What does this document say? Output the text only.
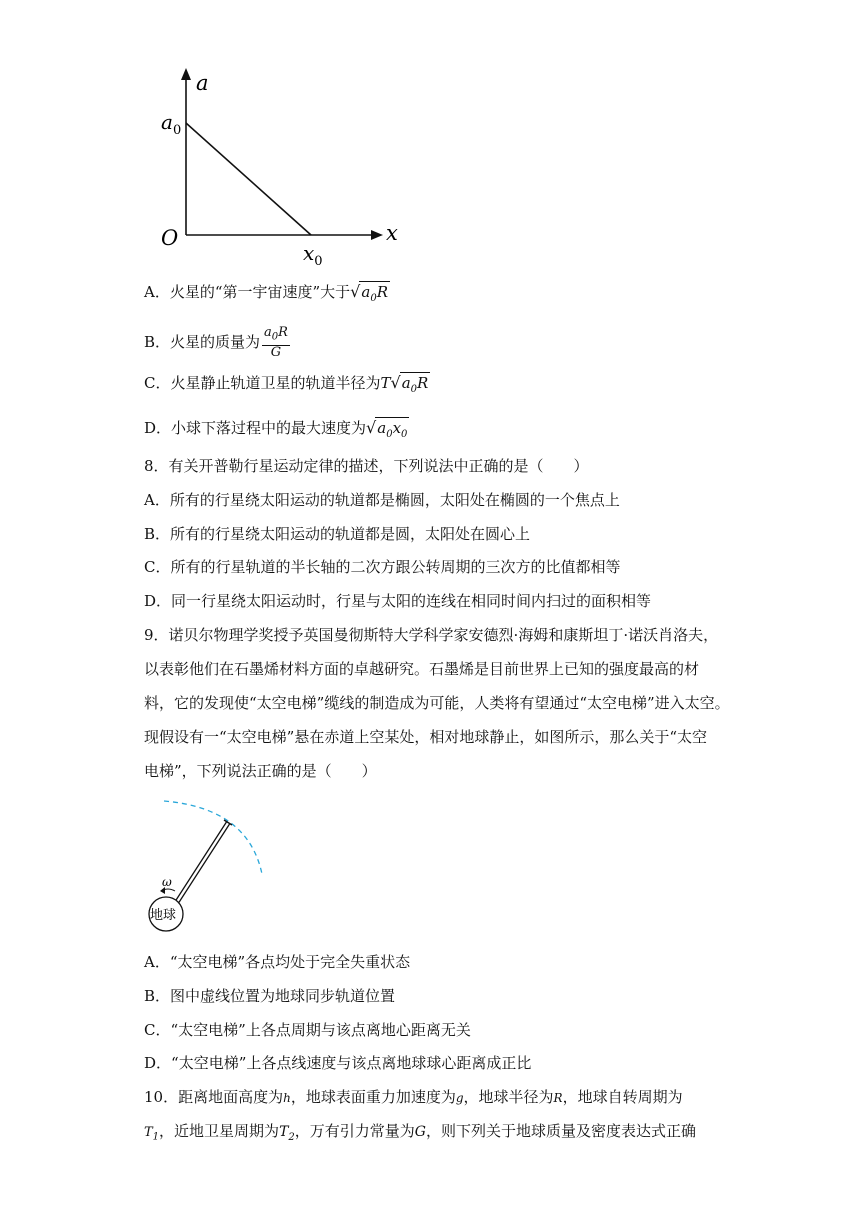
a
x
O
$a_0$
$x_0$
A．火星的“第一宇宙速度”大于$√a_0R$
B．火星的质量为 $\frac{a_0R}{G}$
C．火星静止轨道卫星的轨道半径为$T√a_0R$
D．小球下落过程中的最大速度为$√a_0x_0$
8．有关开普勒行星运动定律的描述，下列说法中正确的是（　　）
A．所有的行星绕太阳运动的轨道都是椭圆，太阳处在椭圆的一个焦点上
B．所有的行星绕太阳运动的轨道都是圆，太阳处在圆心上
C．所有的行星轨道的半长轴的二次方跟公转周期的三次方的比值都相等
D．同一行星绕太阳运动时，行星与太阳的连线在相同时间内扫过的面积相等
9．诺贝尔物理学奖授予英国曼彻斯特大学科学家安德烈·海姆和康斯坦丁·诺沃肖洛夫，
以表彰他们在石墨烯材料方面的卓越研究。石墨烯是目前世界上已知的强度最高的材
料，它的发现使“太空电梯”缆线的制造成为可能，人类将有望通过“太空电梯”进入太空。
现假设有一“太空电梯”悬在赤道上空某处，相对地球静止，如图所示，那么关于“太空
电梯”，下列说法正确的是（　　）
ω
地球
A．“太空电梯”各点均处于完全失重状态
B．图中虚线位置为地球同步轨道位置
C．“太空电梯”上各点周期与该点离地心距离无关
D．“太空电梯”上各点线速度与该点离地球球心距离成正比
10．距离地面高度为h，地球表面重力加速度为g，地球半径为R，地球自转周期为
$T_1$，近地卫星周期为$T_2$，万有引力常量为G，则下列关于地球质量及密度表达式正确
